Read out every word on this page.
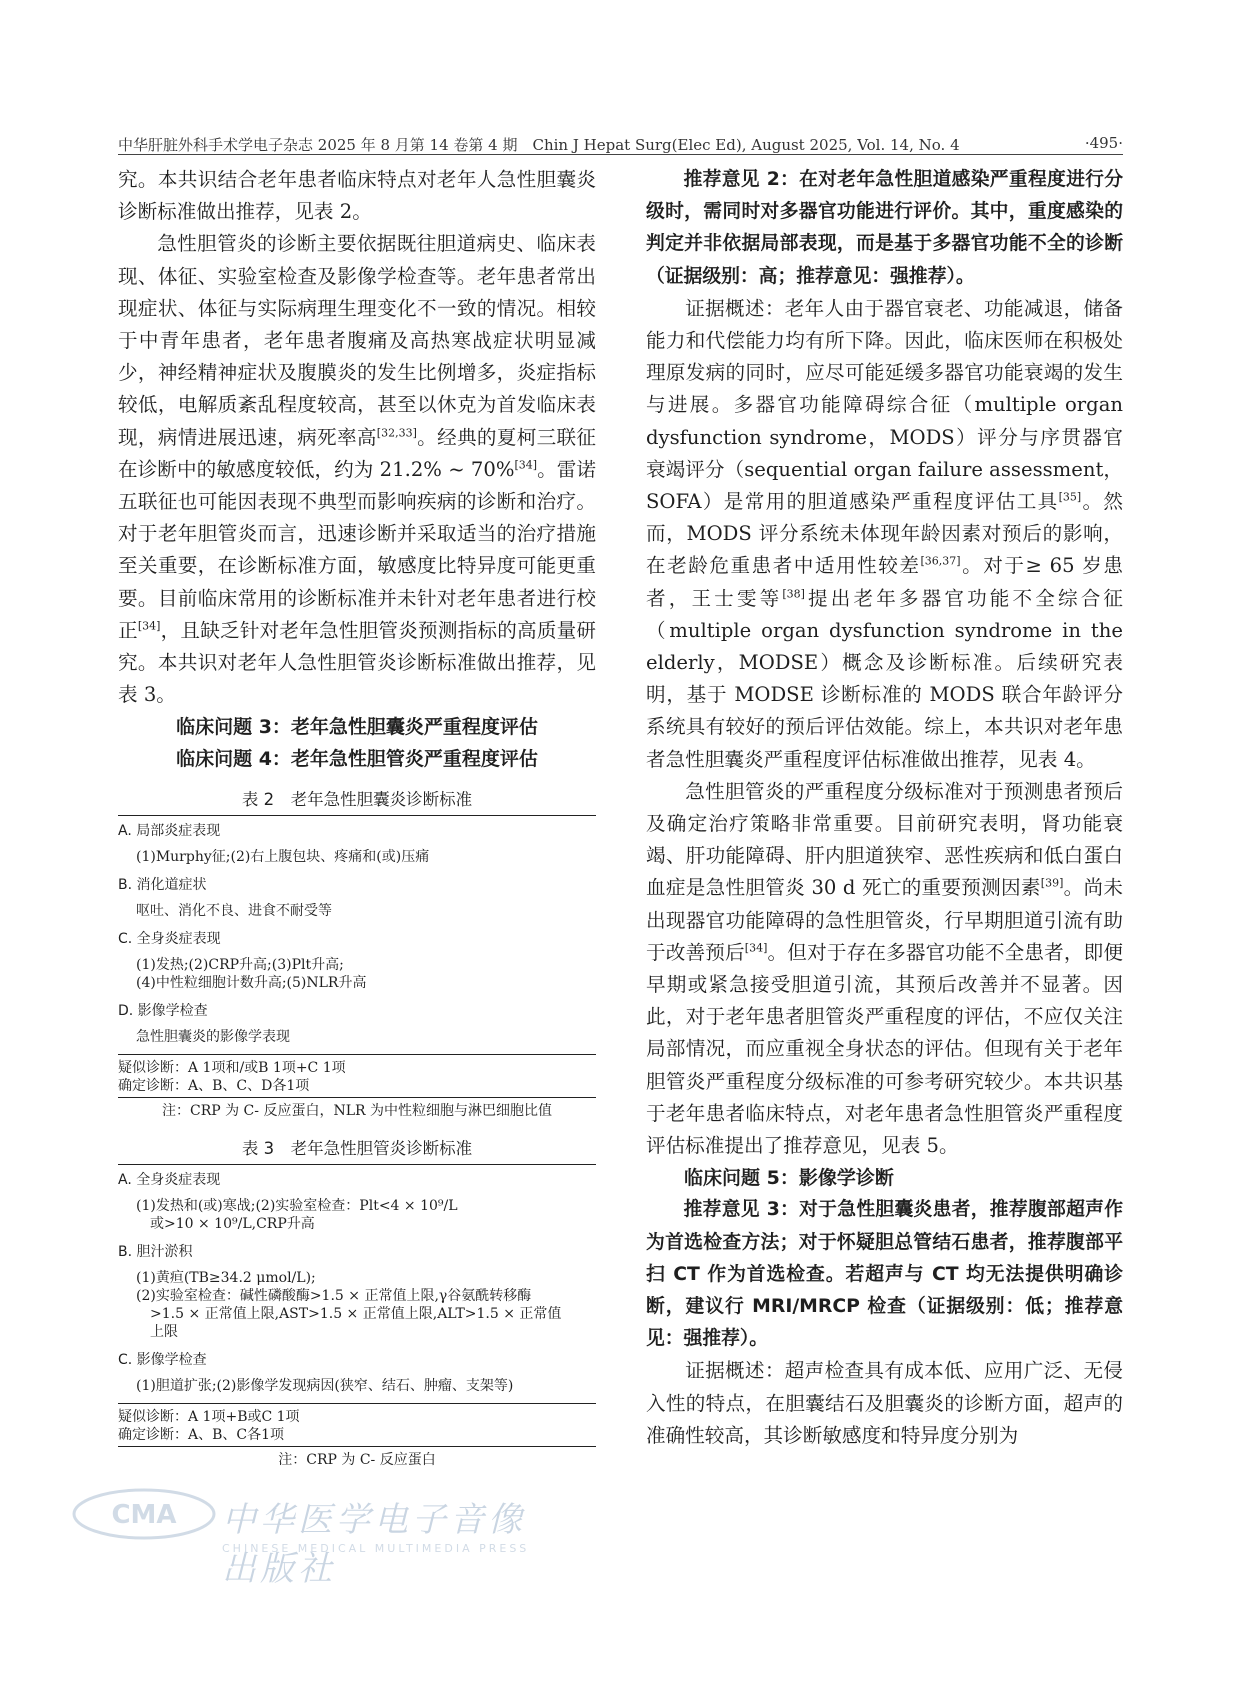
中华肝脏外科手术学电子杂志 2025 年 8 月第 14 卷第 4 期　Chin J Hepat Surg(Elec Ed), August 2025, Vol. 14, No. 4	·495·

究。本共识结合老年患者临床特点对老年人急性胆囊炎诊断标准做出推荐，见表 2。

急性胆管炎的诊断主要依据既往胆道病史、临床表现、体征、实验室检查及影像学检查等。老年患者常出现症状、体征与实际病理生理变化不一致的情况。相较于中青年患者，老年患者腹痛及高热寒战症状明显减少，神经精神症状及腹膜炎的发生比例增多，炎症指标较低，电解质紊乱程度较高，甚至以休克为首发临床表现，病情进展迅速，病死率高[32,33]。经典的夏柯三联征在诊断中的敏感度较低，约为 21.2% ~ 70%[34]。雷诺五联征也可能因表现不典型而影响疾病的诊断和治疗。对于老年胆管炎而言，迅速诊断并采取适当的治疗措施至关重要，在诊断标准方面，敏感度比特异度可能更重要。目前临床常用的诊断标准并未针对老年患者进行校正[34]，且缺乏针对老年急性胆管炎预测指标的高质量研究。本共识对老年人急性胆管炎诊断标准做出推荐，见表 3。

临床问题 3：老年急性胆囊炎严重程度评估
临床问题 4：老年急性胆管炎严重程度评估
表 2　老年急性胆囊炎诊断标准
A. 局部炎症表现
(1)Murphy征;(2)右上腹包块、疼痛和(或)压痛
B. 消化道症状
呕吐、消化不良、进食不耐受等
C. 全身炎症表现
(1)发热;(2)CRP升高;(3)Plt升高;
(4)中性粒细胞计数升高;(5)NLR升高
D. 影像学检查
急性胆囊炎的影像学表现
疑似诊断：A 1项和/或B 1项+C 1项
确定诊断：A、B、C、D各1项
注：CRP 为 C- 反应蛋白，NLR 为中性粒细胞与淋巴细胞比值
表 3　老年急性胆管炎诊断标准
A. 全身炎症表现
(1)发热和(或)寒战;(2)实验室检查：Plt<4 × 10⁹/L
　或>10 × 10⁹/L,CRP升高
B. 胆汁淤积
(1)黄疸(TB≥34.2 μmol/L);
(2)实验室检查：碱性磷酸酶>1.5 × 正常值上限,γ谷氨酰转移酶
　>1.5 × 正常值上限,AST>1.5 × 正常值上限,ALT>1.5 × 正常值
　上限
C. 影像学检查
(1)胆道扩张;(2)影像学发现病因(狭窄、结石、肿瘤、支架等)
疑似诊断：A 1项+B或C 1项
确定诊断：A、B、C各1项
注：CRP 为 C- 反应蛋白

推荐意见 2：在对老年急性胆道感染严重程度进行分级时，需同时对多器官功能进行评价。其中，重度感染的判定并非依据局部表现，而是基于多器官功能不全的诊断（证据级别：高；推荐意见：强推荐）。

证据概述：老年人由于器官衰老、功能减退，储备能力和代偿能力均有所下降。因此，临床医师在积极处理原发病的同时，应尽可能延缓多器官功能衰竭的发生与进展。多器官功能障碍综合征（multiple organ dysfunction syndrome，MODS）评分与序贯器官衰竭评分（sequential organ failure assessment，SOFA）是常用的胆道感染严重程度评估工具[35]。然而，MODS 评分系统未体现年龄因素对预后的影响，在老龄危重患者中适用性较差[36,37]。对于≥ 65 岁患者，王士雯等[38]提出老年多器官功能不全综合征（multiple organ dysfunction syndrome in the elderly，MODSE）概念及诊断标准。后续研究表明，基于 MODSE 诊断标准的 MODS 联合年龄评分系统具有较好的预后评估效能。综上，本共识对老年患者急性胆囊炎严重程度评估标准做出推荐，见表 4。

急性胆管炎的严重程度分级标准对于预测患者预后及确定治疗策略非常重要。目前研究表明，肾功能衰竭、肝功能障碍、肝内胆道狭窄、恶性疾病和低白蛋白血症是急性胆管炎 30 d 死亡的重要预测因素[39]。尚未出现器官功能障碍的急性胆管炎，行早期胆道引流有助于改善预后[34]。但对于存在多器官功能不全患者，即便早期或紧急接受胆道引流，其预后改善并不显著。因此，对于老年患者胆管炎严重程度的评估，不应仅关注局部情况，而应重视全身状态的评估。但现有关于老年胆管炎严重程度分级标准的可参考研究较少。本共识基于老年患者临床特点，对老年患者急性胆管炎严重程度评估标准提出了推荐意见，见表 5。

临床问题 5：影像学诊断

推荐意见 3：对于急性胆囊炎患者，推荐腹部超声作为首选检查方法；对于怀疑胆总管结石患者，推荐腹部平扫 CT 作为首选检查。若超声与 CT 均无法提供明确诊断，建议行 MRI/MRCP 检查（证据级别：低；推荐意见：强推荐）。

证据概述：超声检查具有成本低、应用广泛、无侵入性的特点，在胆囊结石及胆囊炎的诊断方面，超声的准确性较高，其诊断敏感度和特异度分别为

CMA 中华医学电子音像出版社
CHINESE MEDICAL MULTIMEDIA PRESS
